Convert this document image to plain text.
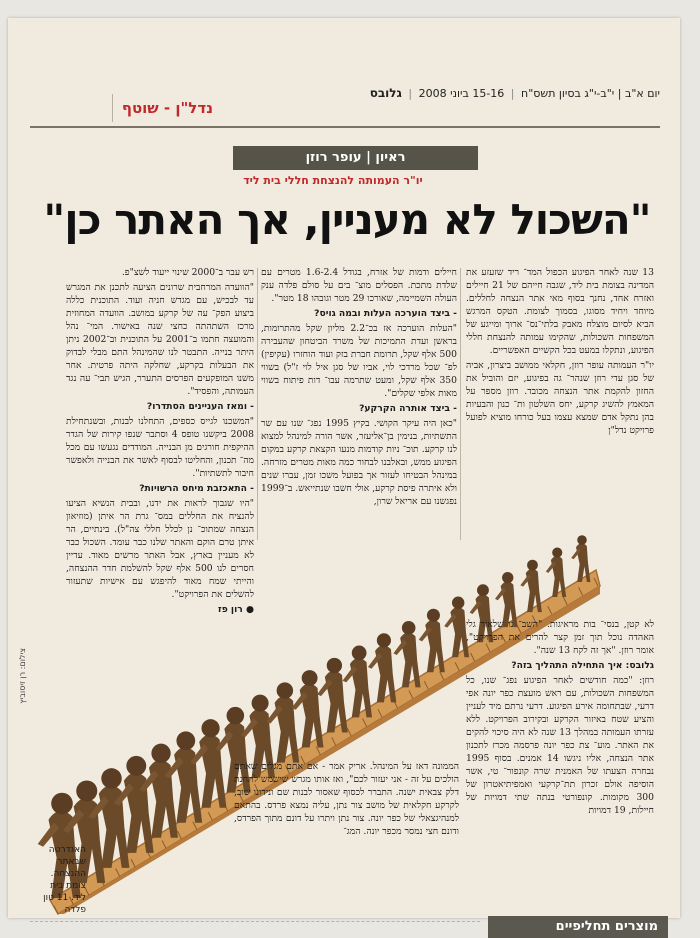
יום א"ב | י"ב-י"ג בסיון תשס"ח | 15-16 ביוני 2008 | גלובס
נדל"ן - שוטף
ראיון | עופר רוזן
יו"ר העמותה להנצחת חללי בית ליד
"השכול לא מעניין, אך האתר כן"

13 שנה לאחר הפיגוע הכפול המד־ ריד שזעזע את המדינה בצומת בית ליד, שגבה חייהם של 21 חיילים ואזרח אחד, נחנך בסוף מאי אתר הנצחה לחללים. מיוחד ויחיד מסוגו, בסמוך לצומת. הטקס המרגש הביא לסיום מוצלח מאבק בלתי־נס־ ארוך ומייגע של המשפחות השכולות, שהקימו עמותה להנצחת חללי הפיגוע, ונתקלו במעט בכל הקשיים האפשריים.

יו"ר העמותה עופר רוזן, חקלאי ממושב ביצרון, אביה של סגן עדי רוזן שנהר־ גה בפיגוע, יזם והוביל את החזון להקמת אתר הנצחה מכובד. רוזן מספר על המאמץ להשיג קרקע, יחס השלטון ות־ כנון והבעיות בהן נתקל אדם שמצא עצמו בעל כורחו מוציא לפועל פרויקט נדל"ן

חיילים ודמות של אזרח, בגודל 1.6-2.4 מטרים עם שלדת מתכת. הפסלים מוצ־ בים על סולם פלדה ענק העולה השמיימה, שאורכו 29 מטר וגובהו 18 מטר".

- ביצד הוערכה העלות ובמה גויס?

"העלות הוערכה אז בכ־2.2 מליון שקל מהתרומות, בראשן ועדת התמיכות של משרד הביטחון שהעבירה 500 אלף שקל, תרומת חברת בזק ועוד הוחזרו (עקיפין) לפ־ שכל מרדכי לוי, אביו של סגן איל לוי ז"ל) בשווי 350 אלף שקל, ומעט שתרמה עבו־ דות פיתוח בשווי מאות אלפי שקלים".

- ביצד אותרה הקרקע?

"כאן היה עיקר הקושי. בקיץ 1995 נפג־ שנו עם שר התשתיות, בנימין בן־אליעזר, אשר הורה למינהל למצוא לנו קרקע. תוכ־ ניות קודמות מנעו הקצאת קרקע במקום הפיגוע ממש, ובאלבנו לבחור כמה מאות מטרים מזרחה. במינהל הבטיחו לעזור אך בפועל משכו זמן, עברו שנים ולא איתרה פיסת קרקע, אולי חשבו שנתייאש. ב־1999 נפגשנו עם אריאל שרון,

רש עבר ב־2000 שינוי ייעוד לשצ"פ.

"הוועדה המרחבית שרונים הציעה לתכנן את המגרש עד לבכיש, עם מגדש חניה ועוד. התוכנית כללה ביצוע הפק־ עה של קרקע במושב. הוועדה המחוזית מרכז השתהתה כחצי שנה באישור. המי־ נהל והמועצה חתמו ב־2001 על התוכנית וב־2002 ניתן היתר בנייה. התבטר לנו שהמינהל התם מבלי לבדוק את הבעלות בקרקע, שחלקה היתה פרטית. אחר משנו המופקעים הפרסים התערר, הגיש תבי־ עה נגד העמותה, והפסיד".

- ומאז העניינים הסתדרו?

"המשכנו לגייס כספים, התחלנו לבנות, ובשנתחילת 2008 ביקשנו טופס 4 וסתבר שנפו קירות של הגדר ההיקפית חורגים מן הבנייה. המודדים נגעשו עם מכל מה־ תכנון, והחליטו לבסוף לאשר את הבנייה ולאפשר חיבור לתשתיות".

- התאכזבת מיחס הרשויות?

"היו שגבוך לראות את ידנו, ובבית הנשיא הציעו להנציח את החללים במס־ גרת הר איתן (מוזיאון הנצחה שמתוכ־ נן לכלל חללי צה"ל). בינתיים, הר איתן טרם הוקם והאתר שלנו כבר עומד. השכול כבר לא מעניין בארץ, אבל האתר מרשים מאוד. עדיין חסרים לנו 500 אלף שקל להשלמת חדר ההנצחה, והייתי שמח מאוד להיפגש עם אישיות שתעזור להשלים את הפרויקט".

● רון פז

לא קטן, בנסי־ בות מראיגות. "השב־ נו שלאור גלי האהדה נוכל תוך זמן קצר להרים את הפרויקט", אומר רוזן. "אך זה לקח 13 שנה".

גלובס: איך התחילה התהליך בזה?

רוזן: "כמה חודשים לאחר הפיגוע נפג־ שנו, כל המשפחות השכולות, עם ראש מועצת כפר יונה אפי דרעי, שבתחומה אירע הפיגוע. דרעי נרתם מיד לעניין והציע שטח באיזור הקרקע ובקירוב הפרויקט. ללא עזרתו העמותה במהלך 13 שנה לא היה סיכוי להקים את האתר. מוע־ צת כפר יונה פרסמה מכרז לתכנון אתר הנצחה, אליו ניגשו 14 אמנים. בסוף 1995 נבחרה הצעתו של האמנית שרה קונפור־ טי, אשר הוסיפה אולם זכרון תת־קרקעי ואמפיתיאטרון של 300 מקומות. קונפורטי בנתה שתי דמויות של חיילות, 19 דמויות

הממונה דאז על המינהל. אריק אמר - אם אתם מגלים שאתם הולכים על זה - אני יעזור לכם", ואז אותו מגרש שישמש לתחנת דלק צבאית ישנה. התברר לכסוף שאסור לבנות שם ונידונו שוב, לקרקע חקלאית של מושב צור נתן, עליה נמצא פרדס. בהתאם למנהיגצאלי של כפר יונה. צור נתן ויתרו על דונם מתוך הפרדס, ודונם חצי נמסר מכפר יונה. המג־

האנדרטה שבאתר ההנצחה. צומת בית ליד. 11 טון פלדה
צילום: רן זיסוביץ
מוצרים תחליפיים
